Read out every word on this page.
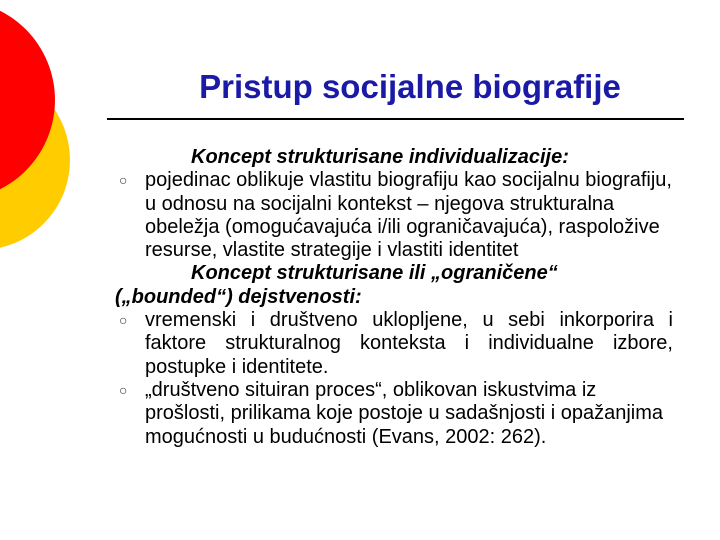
Pristup socijalne biografije

Koncept strukturisane individualizacije:

○ pojedinac oblikuje vlastitu biografiju kao socijalnu biografiju, u odnosu na socijalni kontekst – njegova strukturalna obeležja (omogućavajuća i/ili ograničavajuća), raspoložive resurse, vlastite strategije i vlastiti identitet

Koncept strukturisane ili „ograničene“

(„bounded“) dejstvenosti:

○ vremenski i društveno uklopljene, u sebi inkorporira i faktore strukturalnog konteksta i individualne izbore, postupke i identitete.
○ „društveno situiran proces“, oblikovan iskustvima iz prošlosti, prilikama koje postoje u sadašnjosti i opažanjima mogućnosti u budućnosti (Evans, 2002: 262).
